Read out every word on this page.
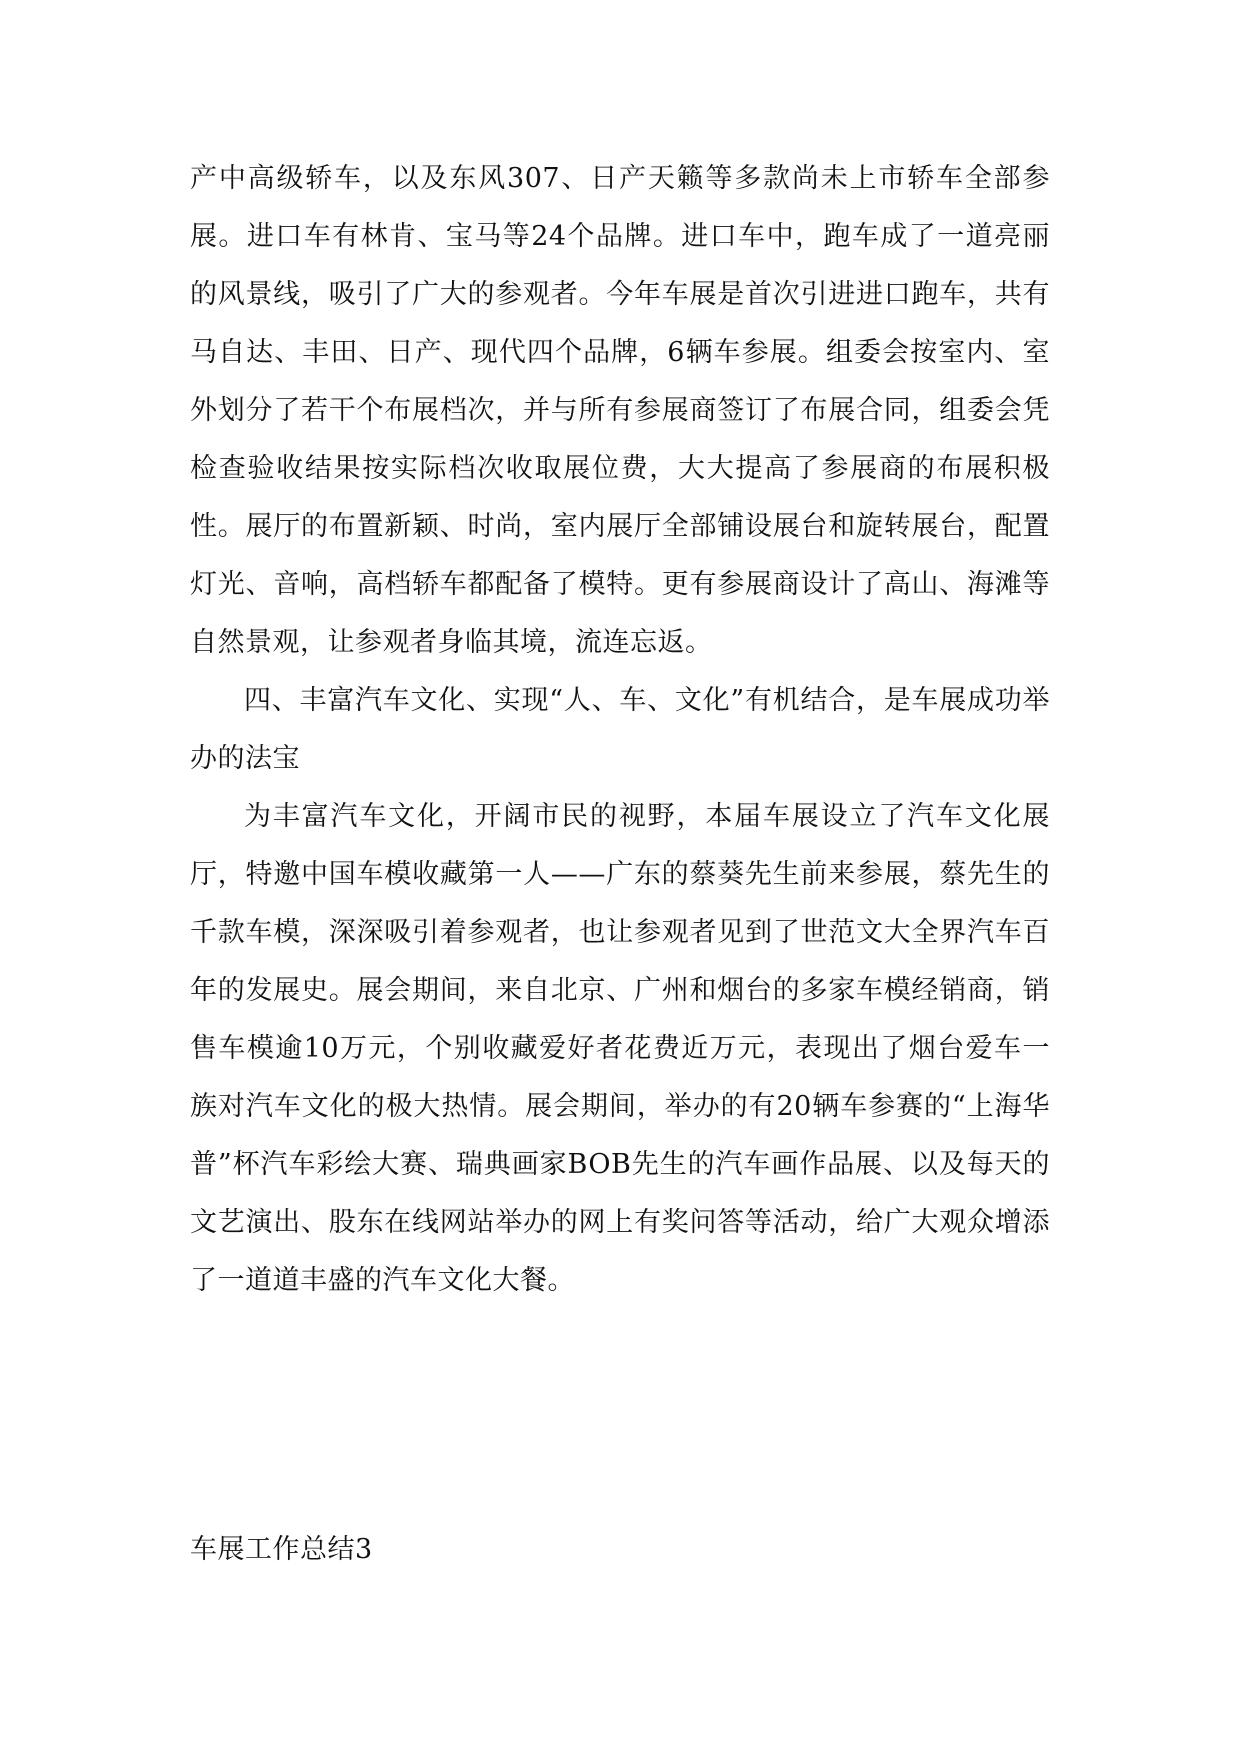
产中高级轿车，以及东风307、日产天籁等多款尚未上市轿车全部参展。进口车有林肯、宝马等24个品牌。进口车中，跑车成了一道亮丽的风景线，吸引了广大的参观者。今年车展是首次引进进口跑车，共有马自达、丰田、日产、现代四个品牌，6辆车参展。组委会按室内、室外划分了若干个布展档次，并与所有参展商签订了布展合同，组委会凭检查验收结果按实际档次收取展位费，大大提高了参展商的布展积极性。展厅的布置新颖、时尚，室内展厅全部铺设展台和旋转展台，配置灯光、音响，高档轿车都配备了模特。更有参展商设计了高山、海滩等自然景观，让参观者身临其境，流连忘返。

四、丰富汽车文化、实现“人、车、文化”有机结合，是车展成功举办的法宝

为丰富汽车文化，开阔市民的视野，本届车展设立了汽车文化展厅，特邀中国车模收藏第一人——广东的蔡葵先生前来参展，蔡先生的千款车模，深深吸引着参观者，也让参观者见到了世范文大全界汽车百年的发展史。展会期间，来自北京、广州和烟台的多家车模经销商，销售车模逾10万元，个别收藏爱好者花费近万元，表现出了烟台爱车一族对汽车文化的极大热情。展会期间，举办的有20辆车参赛的“上海华普”杯汽车彩绘大赛、瑞典画家BOB先生的汽车画作品展、以及每天的文艺演出、股东在线网站举办的网上有奖问答等活动，给广大观众增添了一道道丰盛的汽车文化大餐。

车展工作总结3
